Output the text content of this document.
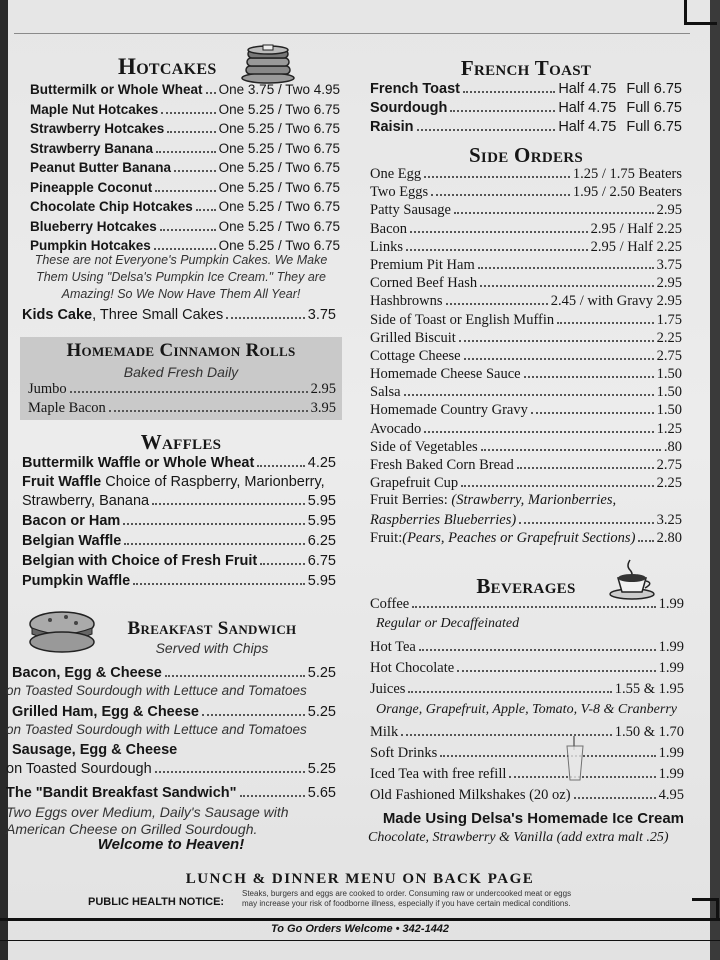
Hotcakes
Buttermilk or Whole Wheat One 3.75 / Two 4.95
Maple Nut Hotcakes	One 5.25 / Two 6.75
Strawberry Hotcakes	One 5.25 / Two 6.75
Strawberry Banana	One 5.25 / Two 6.75
Peanut Butter Banana	One 5.25 / Two 6.75
Pineapple Coconut	One 5.25 / Two 6.75
Chocolate Chip Hotcakes One 5.25 / Two 6.75
Blueberry Hotcakes	One 5.25 / Two 6.75
Pumpkin Hotcakes	One 5.25 / Two 6.75
These are not Everyone's Pumpkin Cakes. We Make
Them Using "Delsa's Pumpkin Ice Cream." They are
Amazing! So We Now Have Them All Year!
Kids Cake , Three Small Cakes	3.75
Homemade Cinnamon Rolls
Baked Fresh Daily
Jumbo	2.95
Maple Bacon	3.95
Waffles
Buttermilk Waffle or Whole Wheat	4.25
Fruit Waffle Choice of Raspberry, Marionberry,
Strawberry, Banana	5.95
Bacon or Ham	5.95
Belgian Waffle	6.25
Belgian with Choice of Fresh Fruit	6.75
Pumpkin Waffle	5.95
Breakfast Sandwich
Served with Chips
Bacon, Egg & Cheese	5.25
on Toasted Sourdough with Lettuce and Tomatoes
Grilled Ham, Egg & Cheese	5.25
on Toasted Sourdough with Lettuce and Tomatoes
Sausage, Egg & Cheese
on Toasted Sourdough	5.25
The "Bandit Breakfast Sandwich"	5.65
Two Eggs over Medium, Daily's Sausage with
American Cheese on Grilled Sourdough.
Welcome to Heaven!
French Toast
French Toast	Half 4.75 Full 6.75
Sourdough	Half 4.75 Full 6.75
Raisin	Half 4.75 Full 6.75
Side Orders
One Egg	1.25 / 1.75 Beaters
Two Eggs	1.95 / 2.50 Beaters
Patty Sausage	2.95
Bacon	2.95 / Half 2.25
Links	2.95 / Half 2.25
Premium Pit Ham	3.75
Corned Beef Hash	2.95
Hashbrowns	2.45 / with Gravy 2.95
Side of Toast or English Muffin	1.75
Grilled Biscuit	2.25
Cottage Cheese	2.75
Homemade Cheese Sauce	1.50
Salsa	1.50
Homemade Country Gravy	1.50
Avocado	1.25
Side of Vegetables	.80
Fresh Baked Corn Bread	2.75
Grapefruit Cup	2.25
Fruit Berries: (Strawberry, Marionberries,
Raspberries Blueberries)	3.25
Fruit: (Pears, Peaches or Grapefruit Sections) 2.80
Beverages
Coffee	1.99
Regular or Decaffeinated
Hot Tea	1.99
Hot Chocolate	1.99
Juices	1.55 & 1.95
Orange, Grapefruit, Apple, Tomato, V-8 & Cranberry
Milk	1.50 & 1.70
Soft Drinks	1.99
Iced Tea with free refill	1.99
Old Fashioned Milkshakes (20 oz)	4.95
Made Using Delsa's Homemade Ice Cream
Chocolate, Strawberry & Vanilla (add extra malt .25)
LUNCH & DINNER MENU ON BACK PAGE
PUBLIC HEALTH NOTICE:
Steaks, burgers and eggs are cooked to order. Consuming raw or undercooked meat or eggs
may increase your risk of foodborne illness, especially if you have certain medical conditions.
To Go Orders Welcome • 342-1442
